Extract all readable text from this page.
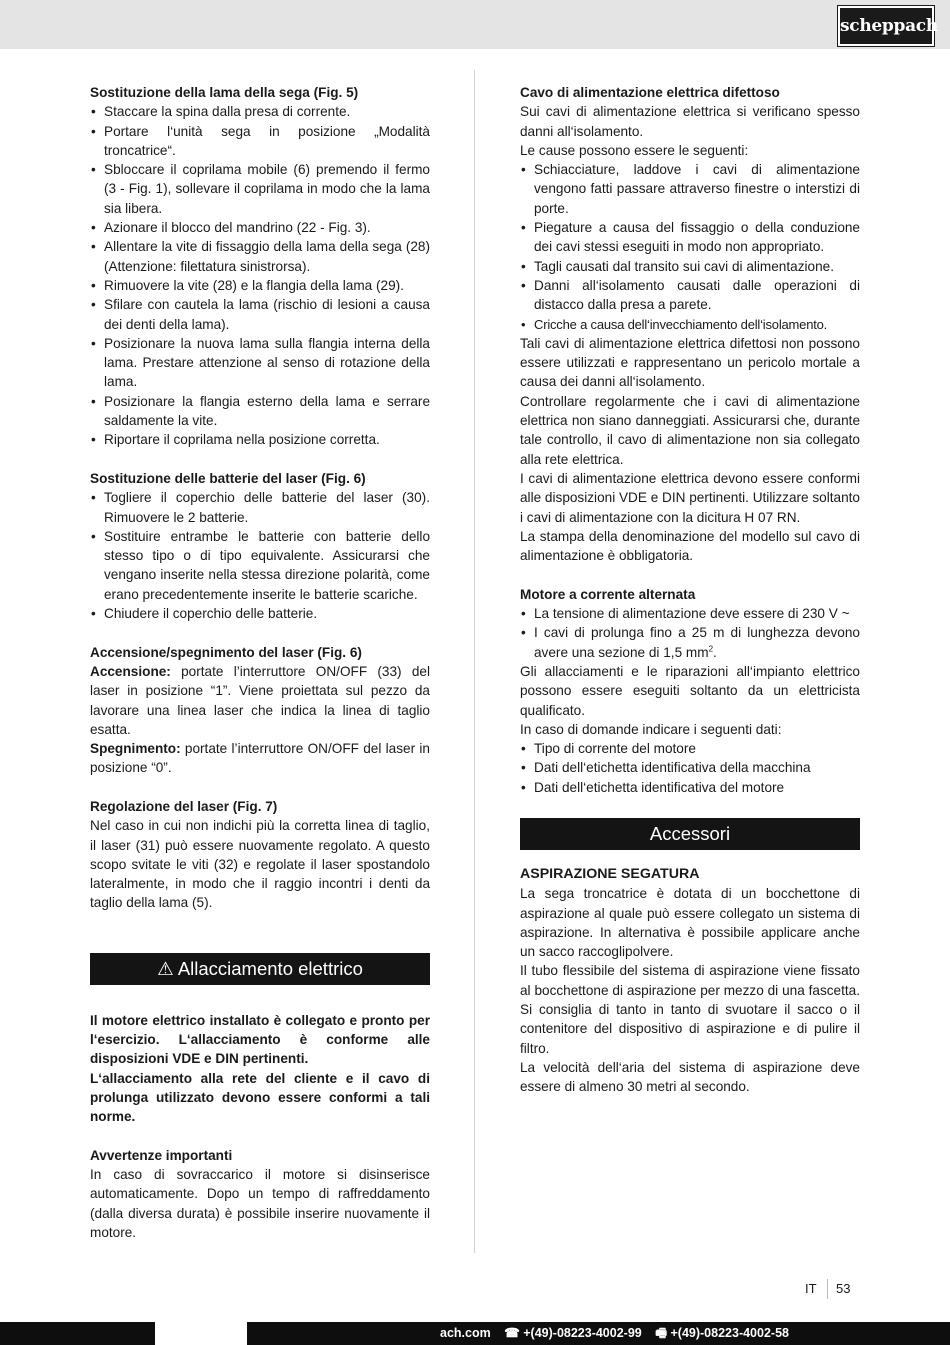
scheppach

Sostituzione della lama della sega (Fig. 5)

• Staccare la spina dalla presa di corrente.
• Portare l‘unità sega in posizione „Modalità troncatrice“.
• Sbloccare il coprilama mobile (6) premendo il fermo (3 - Fig. 1), sollevare il coprilama in modo che la lama sia libera.
• Azionare il blocco del mandrino (22 - Fig. 3).
• Allentare la vite di fissaggio della lama della sega (28) (Attenzione: filettatura sinistrorsa).
• Rimuovere la vite (28) e la flangia della lama (29).
• Sfilare con cautela la lama (rischio di lesioni a causa dei denti della lama).
• Posizionare la nuova lama sulla flangia interna della lama. Prestare attenzione al senso di rotazione della lama.
• Posizionare la flangia esterno della lama e serrare saldamente la vite.
• Riportare il coprilama nella posizione corretta.

Sostituzione delle batterie del laser (Fig. 6)

• Togliere il coperchio delle batterie del laser (30). Rimuovere le 2 batterie.
• Sostituire entrambe le batterie con batterie dello stesso tipo o di tipo equivalente. Assicurarsi che vengano inserite nella stessa direzione polarità, come erano precedentemente inserite le batterie scariche.
• Chiudere il coperchio delle batterie.

Accensione/spegnimento del laser (Fig. 6)

Accensione: portate l’interruttore ON/OFF (33) del laser in posizione “1”. Viene proiettata sul pezzo da lavorare una linea laser che indica la linea di taglio esatta.

Spegnimento: portate l’interruttore ON/OFF del laser in posizione “0”.

Regolazione del laser (Fig. 7)

Nel caso in cui non indichi più la corretta linea di taglio, il laser (31) può essere nuovamente regolato. A questo scopo svitate le viti (32) e regolate il laser spostandolo lateralmente, in modo che il raggio incontri i denti da taglio della lama (5).

⚠ Allacciamento elettrico

Il motore elettrico installato è collegato e pronto per l‘esercizio. L‘allacciamento è conforme alle disposizioni VDE e DIN pertinenti.

L‘allacciamento alla rete del cliente e il cavo di prolunga utilizzato devono essere conformi a tali norme.

Avvertenze importanti

In caso di sovraccarico il motore si disinserisce automaticamente. Dopo un tempo di raffreddamento (dalla diversa durata) è possibile inserire nuovamente il motore.

Cavo di alimentazione elettrica difettoso

Sui cavi di alimentazione elettrica si verificano spesso danni all‘isolamento.

Le cause possono essere le seguenti:

• Schiacciature, laddove i cavi di alimentazione vengono fatti passare attraverso finestre o interstizi di porte.
• Piegature a causa del fissaggio o della conduzione dei cavi stessi eseguiti in modo non appropriato.
• Tagli causati dal transito sui cavi di alimentazione.
• Danni all‘isolamento causati dalle operazioni di distacco dalla presa a parete.
• Cricche a causa dell‘invecchiamento dell‘isolamento.

Tali cavi di alimentazione elettrica difettosi non possono essere utilizzati e rappresentano un pericolo mortale a causa dei danni all‘isolamento.

Controllare regolarmente che i cavi di alimentazione elettrica non siano danneggiati. Assicurarsi che, durante tale controllo, il cavo di alimentazione non sia collegato alla rete elettrica.

I cavi di alimentazione elettrica devono essere conformi alle disposizioni VDE e DIN pertinenti. Utilizzare soltanto i cavi di alimentazione con la dicitura H 07 RN.

La stampa della denominazione del modello sul cavo di alimentazione è obbligatoria.

Motore a corrente alternata

• La tensione di alimentazione deve essere di 230 V ~
• I cavi di prolunga fino a 25 m di lunghezza devono avere una sezione di 1,5 $mm^2$.

Gli allacciamenti e le riparazioni all‘impianto elettrico possono essere eseguiti soltanto da un elettricista qualificato.

In caso di domande indicare i seguenti dati:

• Tipo di corrente del motore
• Dati dell‘etichetta identificativa della macchina
• Dati dell‘etichetta identificativa del motore
Accessori

ASPIRAZIONE SEGATURA

La sega troncatrice è dotata di un bocchettone di aspirazione al quale può essere collegato un sistema di aspirazione. In alternativa è possibile applicare anche un sacco raccoglipolvere.

Il tubo flessibile del sistema di aspirazione viene fissato al bocchettone di aspirazione per mezzo di una fascetta. Si consiglia di tanto in tanto di svuotare il sacco o il contenitore del dispositivo di aspirazione e di pulire il filtro.

La velocità dell‘aria del sistema di aspirazione deve essere di almeno 30 metri al secondo.

IT 53
ach.com ☎ +(49)-08223-4002-99 🖷 +(49)-08223-4002-58
